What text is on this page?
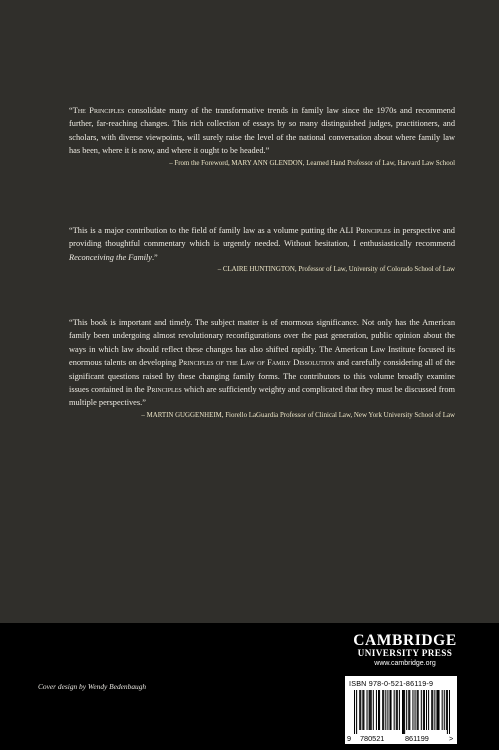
“The Principles consolidate many of the transformative trends in family law since the 1970s and recommend further, far-reaching changes. This rich collection of essays by so many distinguished judges, practitioners, and scholars, with diverse viewpoints, will surely raise the level of the national conversation about where family law has been, where it is now, and where it ought to be headed.”

– From the Foreword, MARY ANN GLENDON, Learned Hand Professor of Law, Harvard Law School

“This is a major contribution to the field of family law as a volume putting the ALI Principles in perspective and providing thoughtful commentary which is urgently needed. Without hesitation, I enthusiastically recommend Reconceiving the Family.”

– CLAIRE HUNTINGTON, Professor of Law, University of Colorado School of Law

“This book is important and timely. The subject matter is of enormous significance. Not only has the American family been undergoing almost revolutionary reconfigurations over the past generation, public opinion about the ways in which law should reflect these changes has also shifted rapidly. The American Law Institute focused its enormous talents on developing Principles of the Law of Family Dissolution and carefully considering all of the significant questions raised by these changing family forms. The contributors to this volume broadly examine issues contained in the Principles which are sufficiently weighty and complicated that they must be discussed from multiple perspectives.”

– MARTIN GUGGENHEIM, Fiorello LaGuardia Professor of Clinical Law, New York University School of Law
CAMBRIDGE
UNIVERSITY PRESS
www.cambridge.org
ISBN 978-0-521-86119-9
9 780521	861199	>
Cover design by Wendy Bedenbaugh
